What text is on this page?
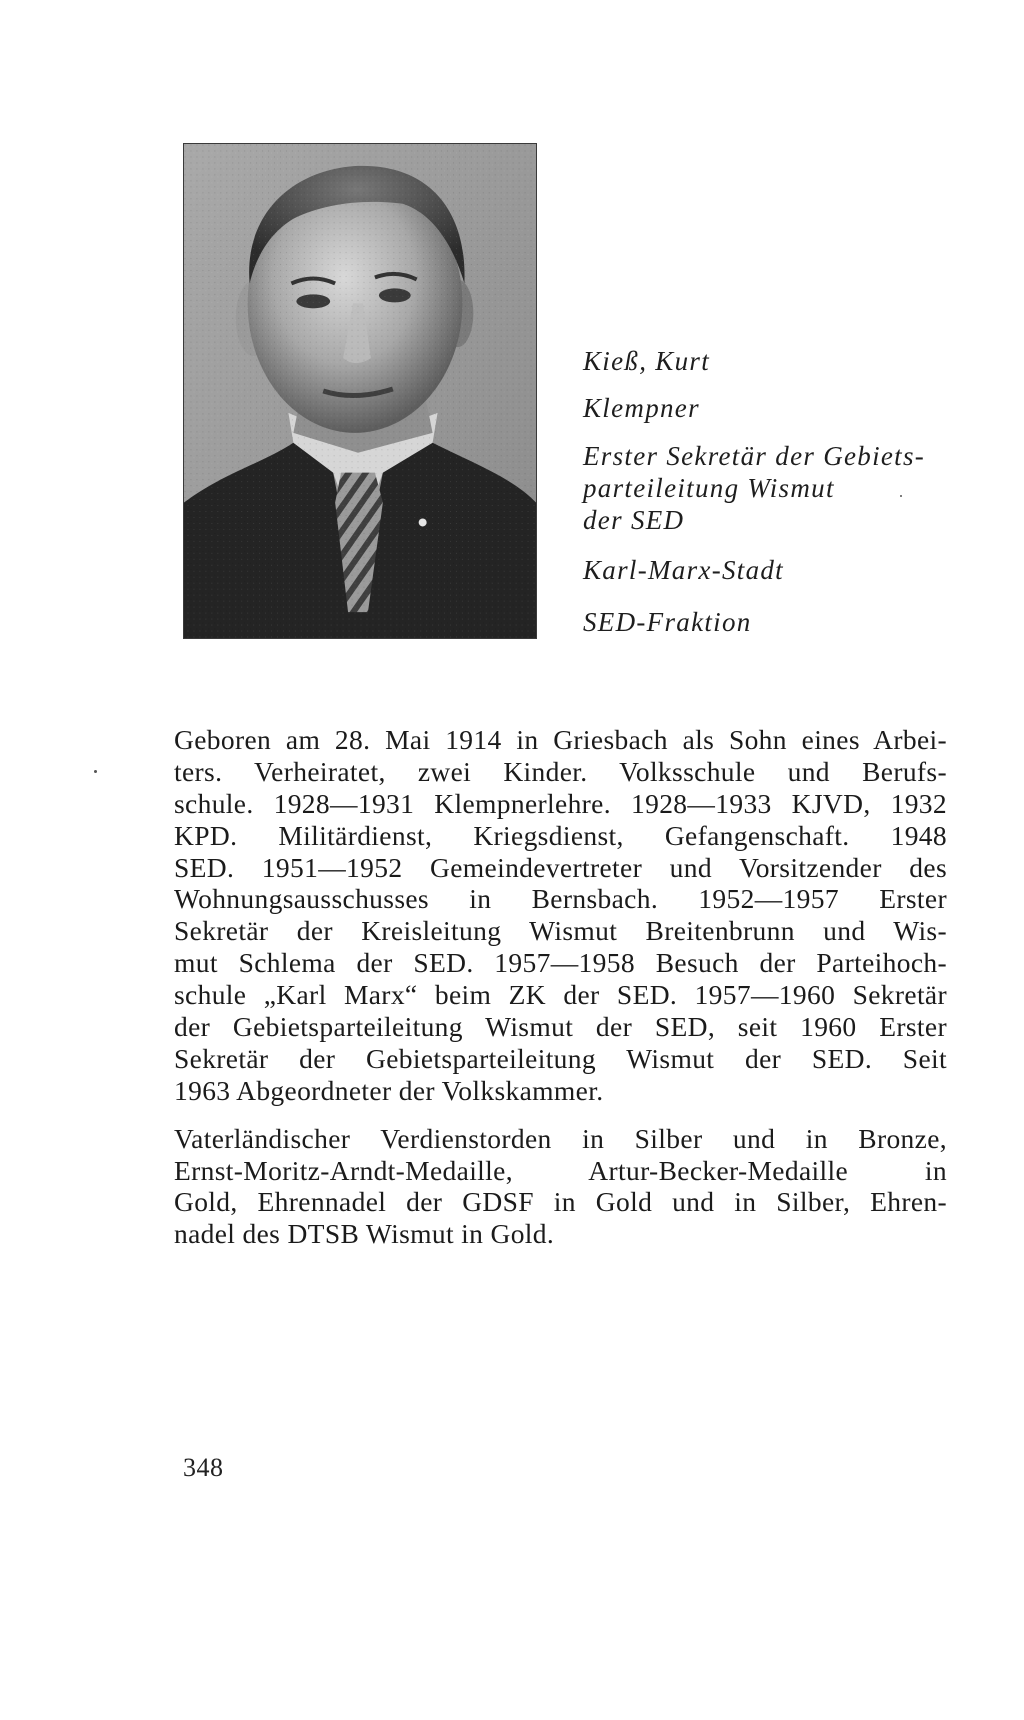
Kieß, Kurt
Klempner
Erster Sekretär der Gebiets-
parteileitung Wismut
der SED
Karl-Marx-Stadt
SED-Fraktion
Geboren am 28. Mai 1914 in Griesbach als Sohn eines Arbei-
ters. Verheiratet, zwei Kinder. Volksschule und Berufs-
schule. 1928—1931 Klempnerlehre. 1928—1933 KJVD, 1932
KPD. Militärdienst, Kriegsdienst, Gefangenschaft. 1948
SED. 1951—1952 Gemeindevertreter und Vorsitzender des
Wohnungsausschusses in Bernsbach. 1952—1957 Erster
Sekretär der Kreisleitung Wismut Breitenbrunn und Wis-
mut Schlema der SED. 1957—1958 Besuch der Parteihoch-
schule „Karl Marx“ beim ZK der SED. 1957—1960 Sekretär
der Gebietsparteileitung Wismut der SED, seit 1960 Erster
Sekretär der Gebietsparteileitung Wismut der SED. Seit
1963 Abgeordneter der Volkskammer.
Vaterländischer Verdienstorden in Silber und in Bronze,
Ernst-Moritz-Arndt-Medaille, Artur-Becker-Medaille in
Gold, Ehrennadel der GDSF in Gold und in Silber, Ehren-
nadel des DTSB Wismut in Gold.
348
